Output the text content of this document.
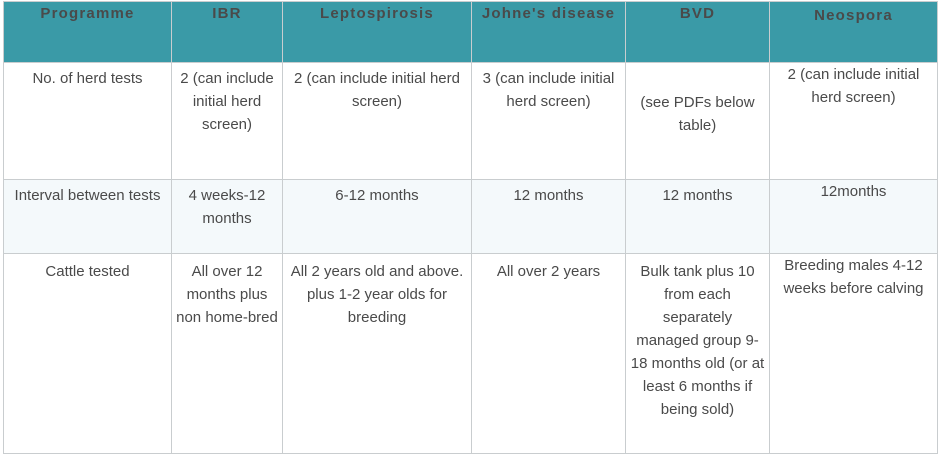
Programme	IBR	Leptospirosis	Johne's disease	BVD	Neospora
No. of herd tests	2 (can include initial herd screen)	2 (can include initial herd screen)	3 (can include initial herd screen)	(see PDFs below table)	2 (can include initial herd screen)
Interval between tests	4 weeks-12 months	6-12 months	12 months	12 months	12months
Cattle tested	All over 12 months plus non home-bred	All 2 years old and above. plus 1-2 year olds for breeding	All over 2 years	Bulk tank plus 10 from each separately managed group 9-18 months old (or at least 6 months if being sold)	Breeding males 4-12 weeks before calving
